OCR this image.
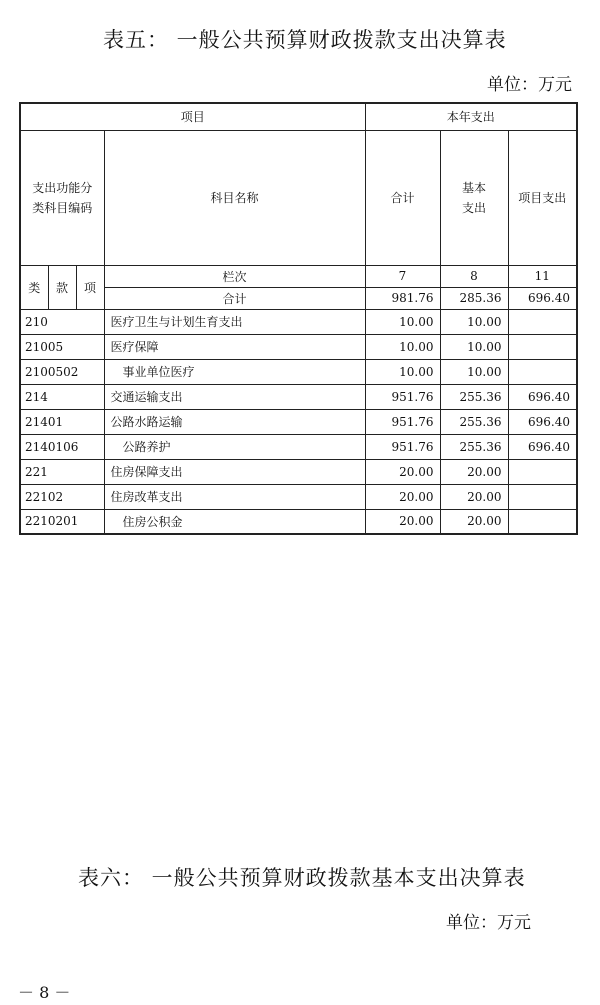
表五： 一般公共预算财政拨款支出决算表
单位：万元
项目				本年支出		

支出功能分类科目编码			科目名称	合计	基本支出	项目支出
类	款	项	栏次	7	8	11
			合计	981.76	285.36	696.40
210			医疗卫生与计划生育支出	10.00	10.00	
21005			医疗保障	10.00	10.00	
2100502			事业单位医疗	10.00	10.00	
214			交通运输支出	951.76	255.36	696.40
21401			公路水路运输	951.76	255.36	696.40
2140106			公路养护	951.76	255.36	696.40
221			住房保障支出	20.00	20.00	
22102			住房改革支出	20.00	20.00	
2210201			住房公积金	20.00	20.00	
表六： 一般公共预算财政拨款基本支出决算表
单位：万元
－ 8 －
